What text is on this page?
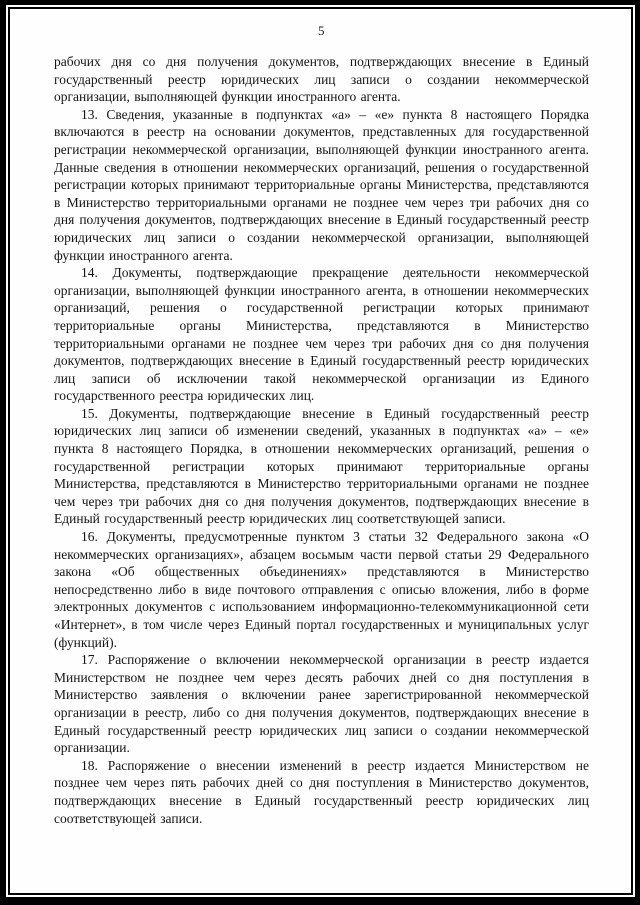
5

рабочих дня со дня получения документов, подтверждающих внесение в Единый государственный реестр юридических лиц записи о создании некоммерческой организации, выполняющей функции иностранного агента.

13. Сведения, указанные в подпунктах «а» – «е» пункта 8 настоящего Порядка включаются в реестр на основании документов, представленных для государственной регистрации некоммерческой организации, выполняющей функции иностранного агента. Данные сведения в отношении некоммерческих организаций, решения о государственной регистрации которых принимают территориальные органы Министерства, представляются в Министерство территориальными органами не позднее чем через три рабочих дня со дня получения документов, подтверждающих внесение в Единый государственный реестр юридических лиц записи о создании некоммерческой организации, выполняющей функции иностранного агента.

14. Документы, подтверждающие прекращение деятельности некоммерческой организации, выполняющей функции иностранного агента, в отношении некоммерческих организаций, решения о государственной регистрации которых принимают территориальные органы Министерства, представляются в Министерство территориальными органами не позднее чем через три рабочих дня со дня получения документов, подтверждающих внесение в Единый государственный реестр юридических лиц записи об исключении такой некоммерческой организации из Единого государственного реестра юридических лиц.

15. Документы, подтверждающие внесение в Единый государственный реестр юридических лиц записи об изменении сведений, указанных в подпунктах «а» – «е» пункта 8 настоящего Порядка, в отношении некоммерческих организаций, решения о государственной регистрации которых принимают территориальные органы Министерства, представляются в Министерство территориальными органами не позднее чем через три рабочих дня со дня получения документов, подтверждающих внесение в Единый государственный реестр юридических лиц соответствующей записи.

16. Документы, предусмотренные пунктом 3 статьи 32 Федерального закона «О некоммерческих организациях», абзацем восьмым части первой статьи 29 Федерального закона «Об общественных объединениях» представляются в Министерство непосредственно либо в виде почтового отправления с описью вложения, либо в форме электронных документов с использованием информационно-телекоммуникационной сети «Интернет», в том числе через Единый портал государственных и муниципальных услуг (функций).

17. Распоряжение о включении некоммерческой организации в реестр издается Министерством не позднее чем через десять рабочих дней со дня поступления в Министерство заявления о включении ранее зарегистрированной некоммерческой организации в реестр, либо со дня получения документов, подтверждающих внесение в Единый государственный реестр юридических лиц записи о создании некоммерческой организации.

18. Распоряжение о внесении изменений в реестр издается Министерством не позднее чем через пять рабочих дней со дня поступления в Министерство документов, подтверждающих внесение в Единый государственный реестр юридических лиц соответствующей записи.
